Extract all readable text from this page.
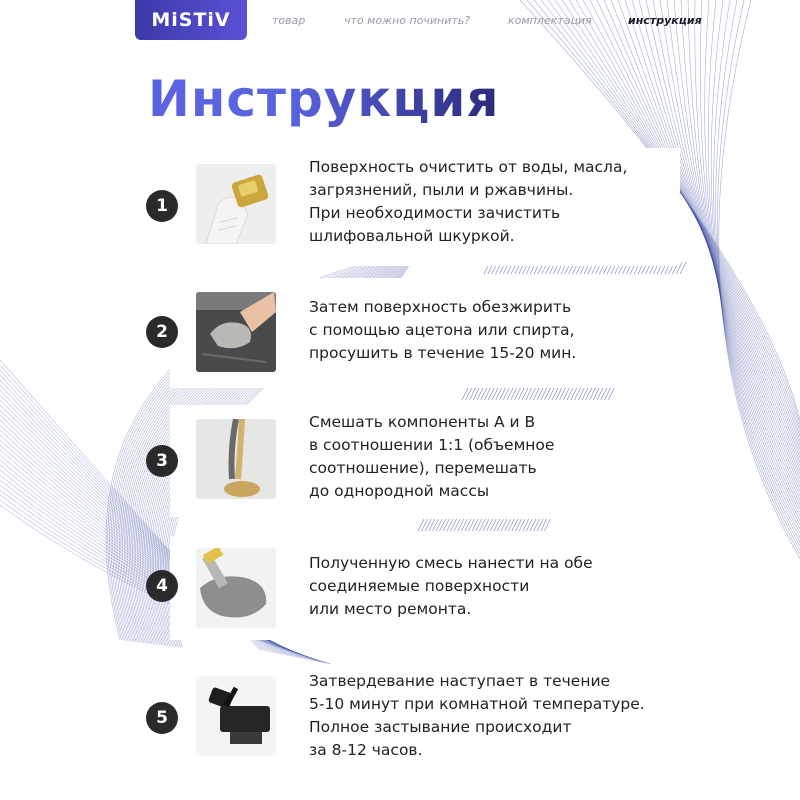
MiSTiV	товар	что можно починить?	комплектация	инструкция
Инструкция
1
Поверхность очистить от воды, масла,
загрязнений, пыли и ржавчины.
При необходимости зачистить
шлифовальной шкуркой.
2
Затем поверхность обезжирить
с помощью ацетона или спирта,
просушить в течение 15-20 мин.
3
Смешать компоненты А и В
в соотношении 1:1 (объемное
соотношение), перемешать
до однородной массы
4
Полученную смесь нанести на обе
соединяемые поверхности
или место ремонта.
5
Затвердевание наступает в течение
5-10 минут при комнатной температуре.
Полное застывание происходит
за 8-12 часов.
